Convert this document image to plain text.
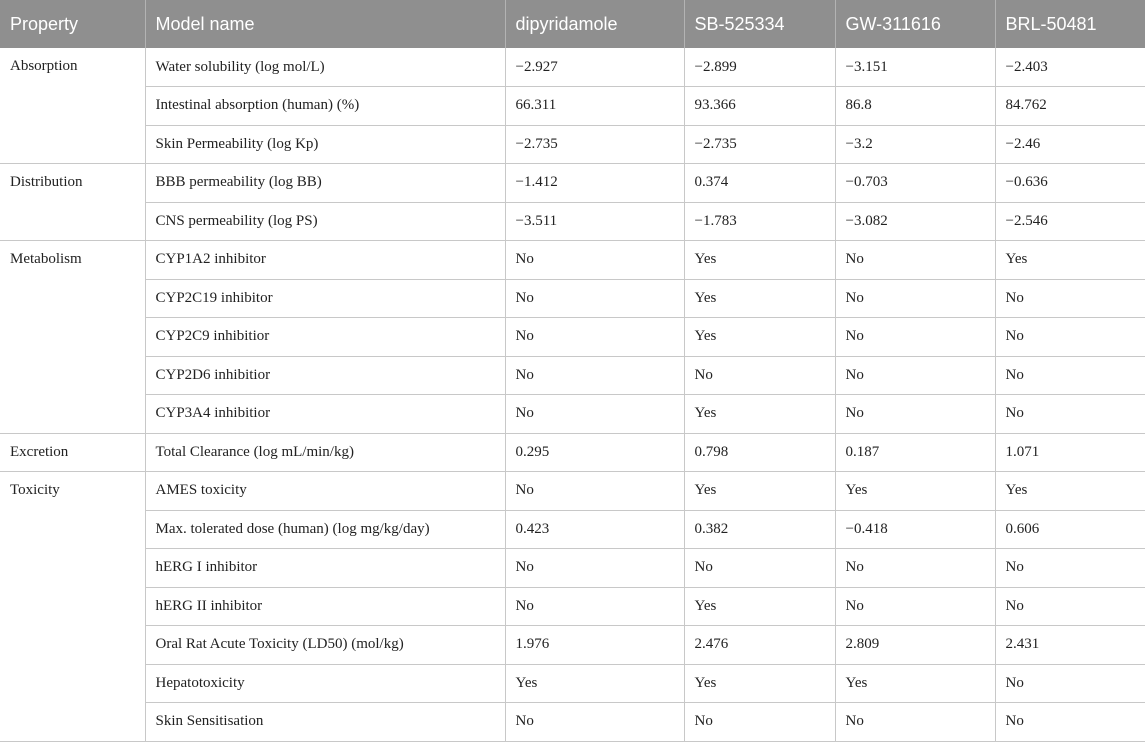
Property	Model name	dipyridamole	SB-525334	GW-311616	BRL-50481
Absorption	Water solubility (log mol/L)	−2.927	−2.899	−3.151	−2.403
	Intestinal absorption (human) (%)	66.311	93.366	86.8	84.762
	Skin Permeability (log Kp)	−2.735	−2.735	−3.2	−2.46
Distribution	BBB permeability (log BB)	−1.412	0.374	−0.703	−0.636
	CNS permeability (log PS)	−3.511	−1.783	−3.082	−2.546
Metabolism	CYP1A2 inhibitor	No	Yes	No	Yes
	CYP2C19 inhibitor	No	Yes	No	No
	CYP2C9 inhibitior	No	Yes	No	No
	CYP2D6 inhibitior	No	No	No	No
	CYP3A4 inhibitior	No	Yes	No	No
Excretion	Total Clearance (log mL/min/kg)	0.295	0.798	0.187	1.071
Toxicity	AMES toxicity	No	Yes	Yes	Yes
	Max. tolerated dose (human) (log mg/kg/day)	0.423	0.382	−0.418	0.606
	hERG I inhibitor	No	No	No	No
	hERG II inhibitor	No	Yes	No	No
	Oral Rat Acute Toxicity (LD50) (mol/kg)	1.976	2.476	2.809	2.431
	Hepatotoxicity	Yes	Yes	Yes	No
	Skin Sensitisation	No	No	No	No
